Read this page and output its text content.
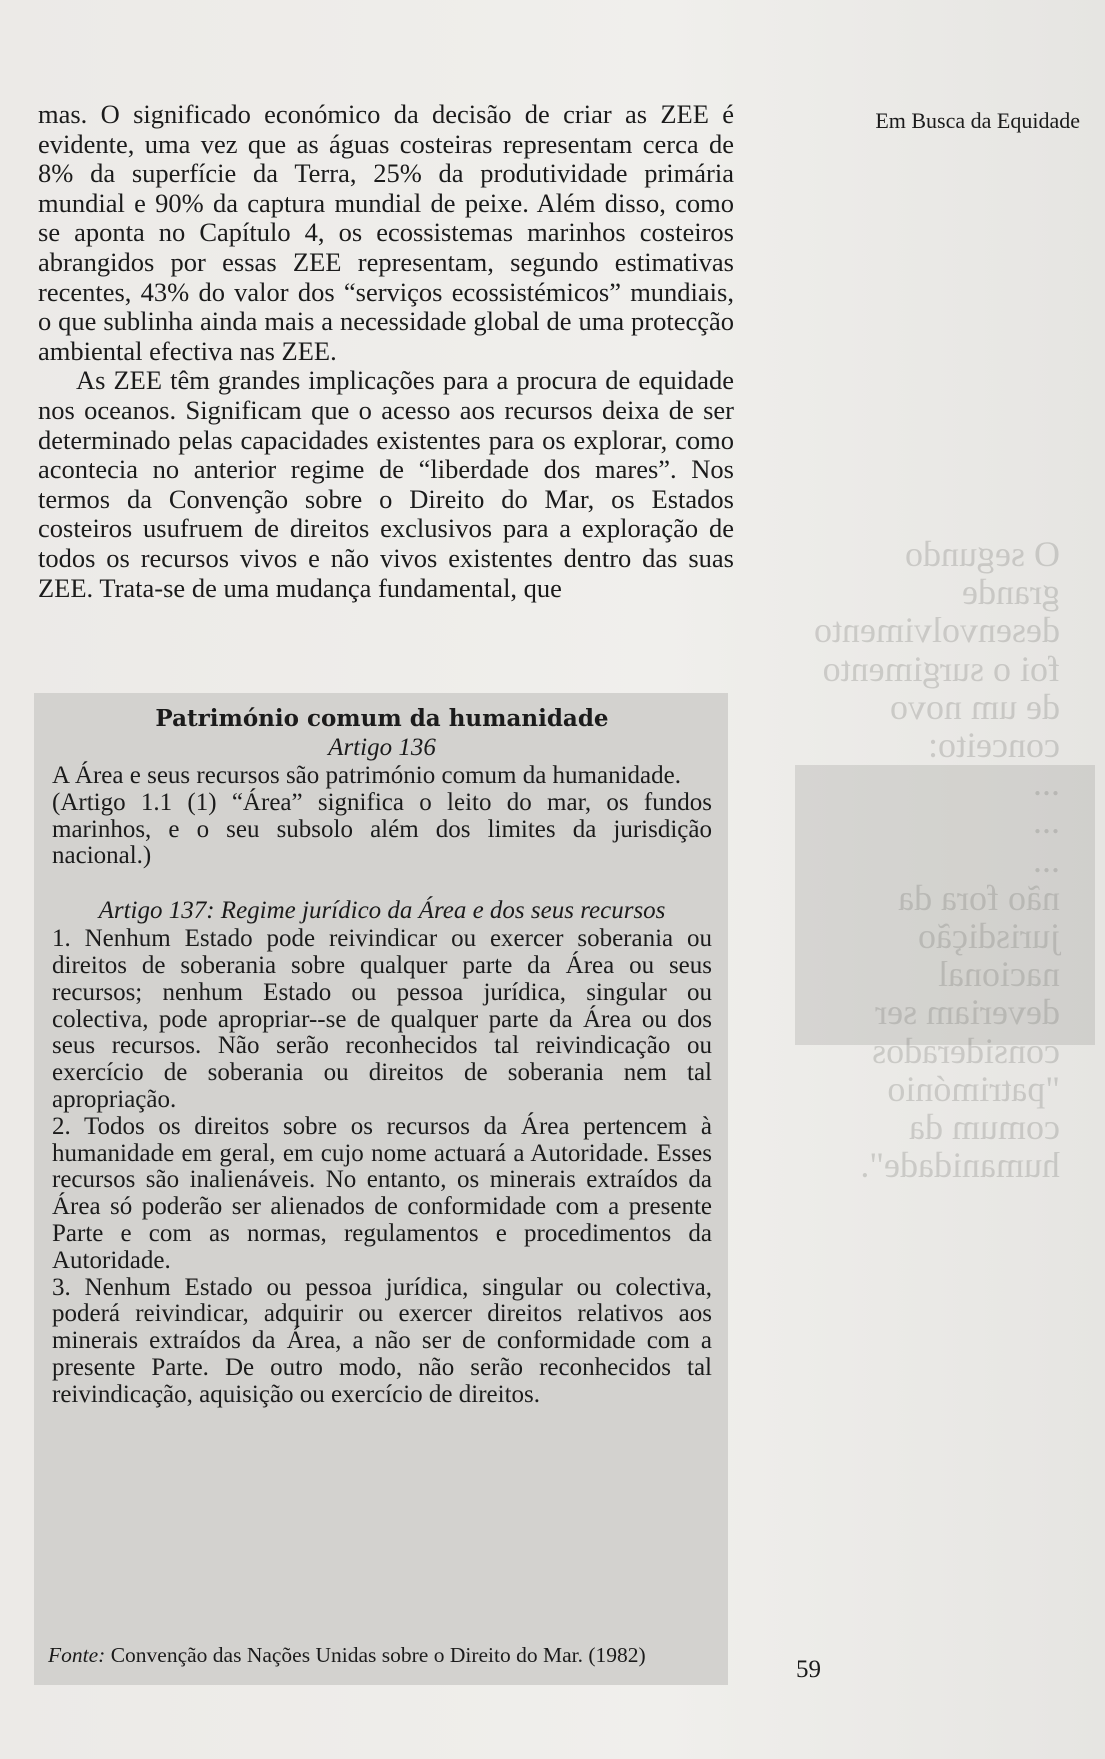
O segundo
grande
desenvolvimento
foi o surgimento
de um novo
conceito:
...
...
...
não fora da
jurisdição
nacional
deveriam ser
considerados
"património
comum da
humanidade".

Em Busca da Equidade

mas. O significado económico da decisão de criar as ZEE é evidente, uma vez que as águas costeiras representam cerca de 8% da superfície da Terra, 25% da produtividade primária mundial e 90% da captura mundial de peixe. Além disso, como se aponta no Capítulo 4, os ecossistemas marinhos costeiros abrangidos por essas ZEE representam, segundo estimativas recentes, 43% do valor dos “serviços ecossistémicos” mundiais, o que sublinha ainda mais a necessidade global de uma protecção ambiental efectiva nas ZEE.

As ZEE têm grandes implicações para a procura de equidade nos oceanos. Significam que o acesso aos recursos deixa de ser determinado pelas capacidades existentes para os explorar, como acontecia no anterior regime de “liberdade dos mares”. Nos termos da Convenção sobre o Direito do Mar, os Estados costeiros usufruem de direitos exclusivos para a exploração de todos os recursos vivos e não vivos existentes dentro das suas ZEE. Trata-se de uma mudança fundamental, que

Património comum da humanidade

Artigo 136

A Área e seus recursos são património comum da humanidade.

(Artigo 1.1 (1) “Área” significa o leito do mar, os fundos marinhos, e o seu subsolo além dos limites da jurisdição nacional.)

Artigo 137: Regime jurídico da Área e dos seus recursos

1. Nenhum Estado pode reivindicar ou exercer soberania ou direitos de soberania sobre qualquer parte da Área ou seus recursos; nenhum Estado ou pessoa jurídica, singular ou colectiva, pode apropriar--se de qualquer parte da Área ou dos seus recursos. Não serão reconhecidos tal reivindicação ou exercício de soberania ou direitos de soberania nem tal apropriação.

2. Todos os direitos sobre os recursos da Área pertencem à humanidade em geral, em cujo nome actuará a Autoridade. Esses recursos são inalienáveis. No entanto, os minerais extraídos da Área só poderão ser alienados de conformidade com a presente Parte e com as normas, regulamentos e procedimentos da Autoridade.

3. Nenhum Estado ou pessoa jurídica, singular ou colectiva, poderá reivindicar, adquirir ou exercer direitos relativos aos minerais extraídos da Área, a não ser de conformidade com a presente Parte. De outro modo, não serão reconhecidos tal reivindicação, aquisição ou exercício de direitos.

Fonte: Convenção das Nações Unidas sobre o Direito do Mar. (1982)

59
